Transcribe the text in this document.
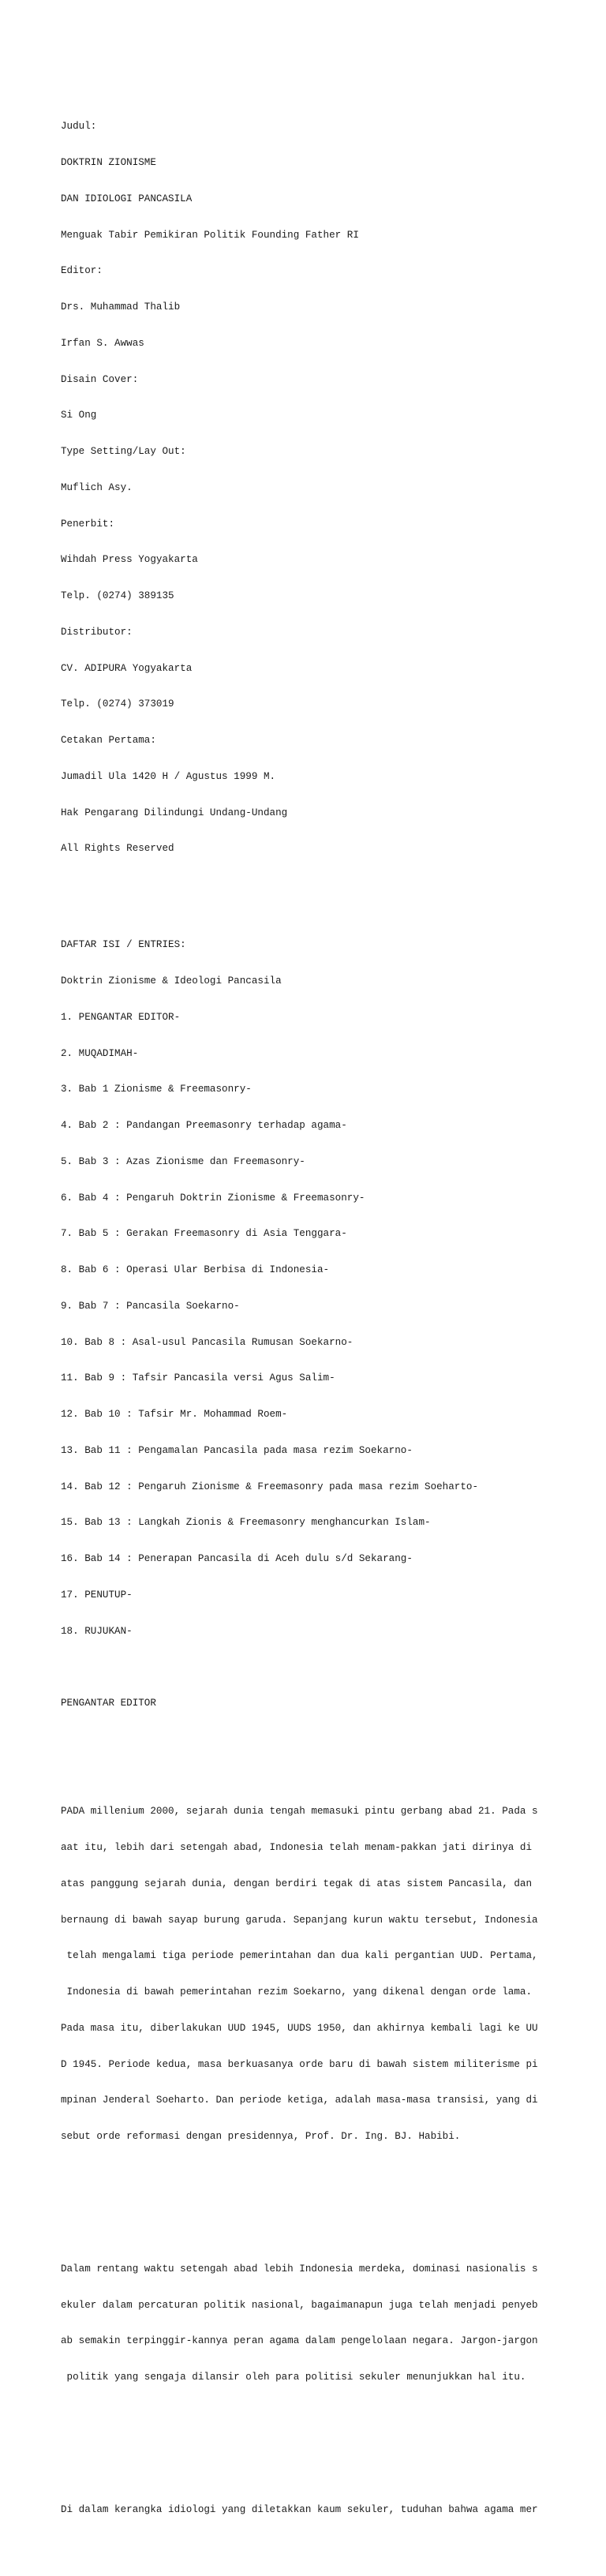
Judul:

DOKTRIN ZIONISME

DAN IDIOLOGI PANCASILA

Menguak Tabir Pemikiran Politik Founding Father RI

Editor:

Drs. Muhammad Thalib

Irfan S. Awwas

Disain Cover:

Si Ong

Type Setting/Lay Out:

Muflich Asy.

Penerbit:

Wihdah Press Yogyakarta

Telp. (0274) 389135

Distributor:

CV. ADIPURA Yogyakarta

Telp. (0274) 373019

Cetakan Pertama:

Jumadil Ula 1420 H / Agustus 1999 M.

Hak Pengarang Dilindungi Undang-Undang

All Rights Reserved

DAFTAR ISI / ENTRIES:

Doktrin Zionisme & Ideologi Pancasila

1. PENGANTAR EDITOR-

2. MUQADIMAH-

3. Bab 1 Zionisme & Freemasonry-

4. Bab 2 : Pandangan Preemasonry terhadap agama-

5. Bab 3 : Azas Zionisme dan Freemasonry-

6. Bab 4 : Pengaruh Doktrin Zionisme & Freemasonry-

7. Bab 5 : Gerakan Freemasonry di Asia Tenggara-

8. Bab 6 : Operasi Ular Berbisa di Indonesia-

9. Bab 7 : Pancasila Soekarno-

10. Bab 8 : Asal-usul Pancasila Rumusan Soekarno-

11. Bab 9 : Tafsir Pancasila versi Agus Salim-

12. Bab 10 : Tafsir Mr. Mohammad Roem-

13. Bab 11 : Pengamalan Pancasila pada masa rezim Soekarno-

14. Bab 12 : Pengaruh Zionisme & Freemasonry pada masa rezim Soeharto-

15. Bab 13 : Langkah Zionis & Freemasonry menghancurkan Islam-

16. Bab 14 : Penerapan Pancasila di Aceh dulu s/d Sekarang-

17. PENUTUP-

18. RUJUKAN-

PENGANTAR EDITOR

PADA millenium 2000, sejarah dunia tengah memasuki pintu gerbang abad 21. Pada s

aat itu, lebih dari setengah abad, Indonesia telah menam-pakkan jati dirinya di

atas panggung sejarah dunia, dengan berdiri tegak di atas sistem Pancasila, dan

bernaung di bawah sayap burung garuda. Sepanjang kurun waktu tersebut, Indonesia

telah mengalami tiga periode pemerintahan dan dua kali pergantian UUD. Pertama,

Indonesia di bawah pemerintahan rezim Soekarno, yang dikenal dengan orde lama.

Pada masa itu, diberlakukan UUD 1945, UUDS 1950, dan akhirnya kembali lagi ke UU

D 1945. Periode kedua, masa berkuasanya orde baru di bawah sistem militerisme pi

mpinan Jenderal Soeharto. Dan periode ketiga, adalah masa-masa transisi, yang di

sebut orde reformasi dengan presidennya, Prof. Dr. Ing. BJ. Habibi.

Dalam rentang waktu setengah abad lebih Indonesia merdeka, dominasi nasionalis s

ekuler dalam percaturan politik nasional, bagaimanapun juga telah menjadi penyeb

ab semakin terpinggir-kannya peran agama dalam pengelolaan negara. Jargon-jargon

politik yang sengaja dilansir oleh para politisi sekuler menunjukkan hal itu.

Di dalam kerangka idiologi yang diletakkan kaum sekuler, tuduhan bahwa agama mer
